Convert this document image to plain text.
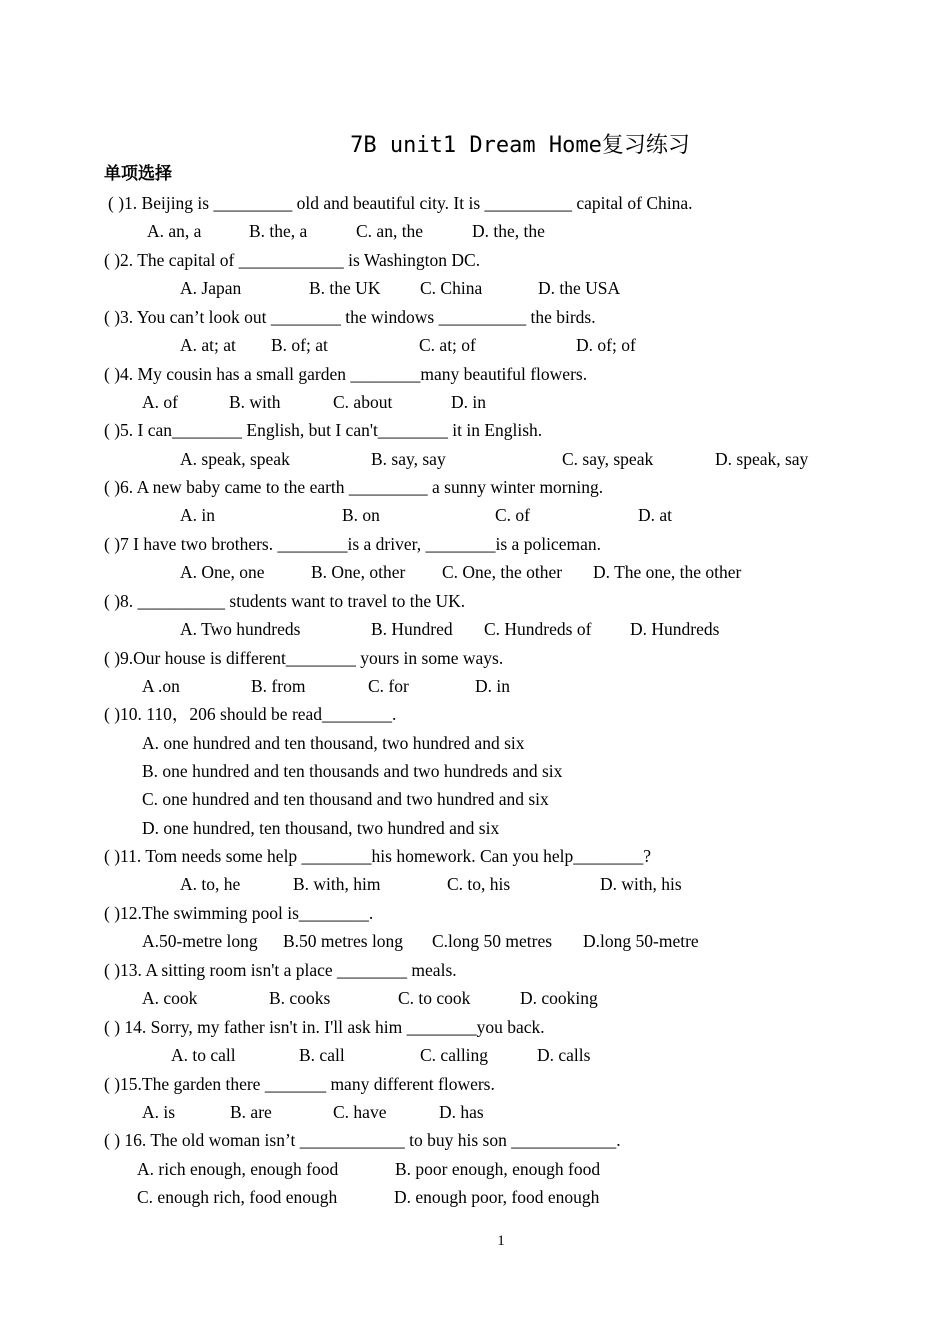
7B unit1 Dream Home复习练习
单项选择
( )1. Beijing is _________ old and beautiful city. It is __________ capital of China.
A. an, a	B. the, a	C. an, the	D. the, the
( )2. The capital of ____________ is Washington DC.
A. Japan	B. the UK C. China	D. the USA
( )3. You can’t look out ________ the windows __________ the birds.
A. at; at B. of; at	C. at; of	D. of; of
( )4. My cousin has a small garden ________many beautiful flowers.
A. of	B. with	C. about	D. in
( )5. I can________ English, but I can't________ it in English.
A. speak, speak	B. say, say	C. say, speak	D. speak, say
( )6. A new baby came to the earth _________ a sunny winter morning.
A. in	B. on	C. of	D. at
( )7 I have two brothers. ________is a driver, ________is a policeman.
A. One, one	B. One, other C. One, the other D. The one, the other
( )8. __________ students want to travel to the UK.
A. Two hundreds	B. Hundred C. Hundreds of D. Hundreds
( )9.Our house is different________ yours in some ways.
A .on	B. from	C. for	D. in
( )10. 110，206 should be read________.
A. one hundred and ten thousand, two hundred and six
B. one hundred and ten thousands and two hundreds and six
C. one hundred and ten thousand and two hundred and six
D. one hundred, ten thousand, two hundred and six
( )11. Tom needs some help ________his homework. Can you help________?
A. to, he	B. with, him	C. to, his	D. with, his
( )12.The swimming pool is________.
A.50-metre long B.50 metres long C.long 50 metres D.long 50-metre
( )13. A sitting room isn't a place ________ meals.
A. cook	B. cooks	C. to cook	D. cooking
( ) 14. Sorry, my father isn't in. I'll ask him ________you back.
A. to call	B. call	C. calling	D. calls
( )15.The garden there _______ many different flowers.
A. is	B. are	C. have	D. has
( ) 16. The old woman isn’t ____________ to buy his son ____________.
A. rich enough, enough food	B. poor enough, enough food
C. enough rich, food enough	D. enough poor, food enough
1
